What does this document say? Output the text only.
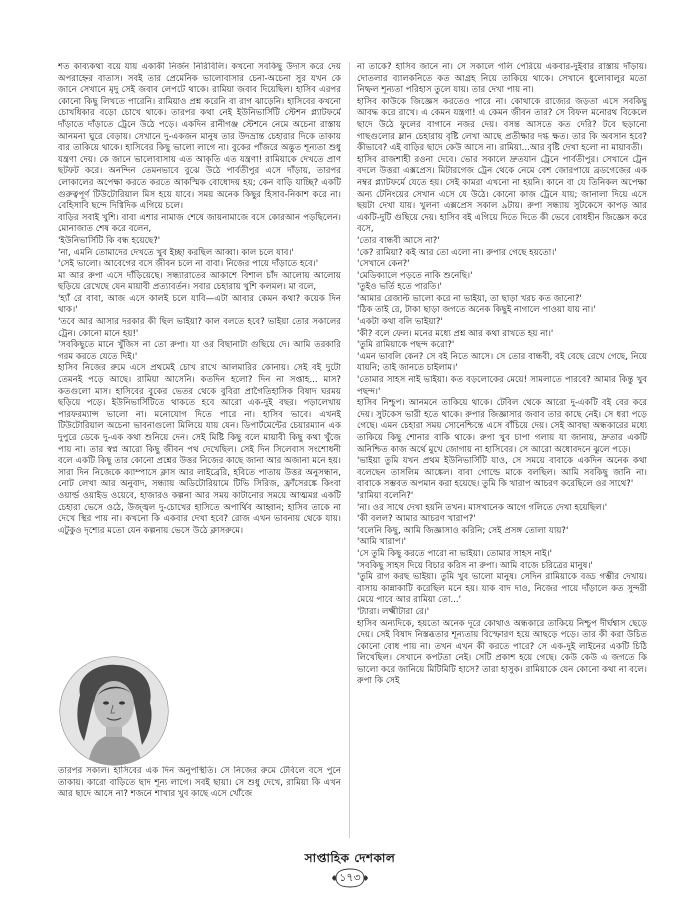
শত কাব্যকথা বয়ে যায় একাকী নির্জন নিরিবিলি। কখনো সবকিছু উদাস করে দেয় অপরাহ্নের বাতাস। সবই তার প্রেমেনিক ভালোবাসার চেনা-অচেনা সুর যখন কে জানে সেখানে মৃদু সেই জবাব লেপটে থাকে। রামিয়া জবাব দিয়েছিল। হাসিব এরপর কোনো কিছু লিখতে পারেনি। রামিয়াও প্রশ্ন করেনি বা রাগ ঝাড়েনি। হাসিবের কখনো চোখধিকার বড়ো চোখে থাকে। তারপর কথা নেই ইউনিভার্সিটি স্টেশন প্ল্যাটফর্মে দাঁড়াতে দাঁড়াতে ট্রেনে উঠে পড়ে। একদিন রানীগঞ্জ স্টেশনে নেমে অচেনা রাস্তায় আনমনা ঘুরে বেড়ায়। সেখানে দু-একজন মানুষ তার উদভ্রান্ত চেহারার দিকে তাকায় বার তাকিয়ে থাকে। হাসিবের কিছু ভালো লাগে না। বুকের পাঁজরে অদ্ভুত শূন্যতা শুধু যন্ত্রণা দেয়। কে জানে ভালোবাসায় এত আকৃতি এত যন্ত্রণা! রামিয়াকে দেখতে প্রাণ ছটফট করে। অনন্দিন তেমনভাবে বুঝে উঠে পার্বতীপুর এসে দাঁড়ায়, তারপর লোকালের অপেক্ষা করতে করতে আকস্মিক বোধোদয় হয়; কেন বাড়ি যাচ্ছি? একটি গুরুত্বপূর্ণ টিউটোরিয়াল মিস হয়ে যাবে। সময় অনেক কিছুর হিসাব-নিকাশ করে না। বেহিসাবি ছন্দে দিগ্বিদিক এগিয়ে চলে।

বাড়ির সবাই খুশি। বাবা এশার নামাজ শেষে জায়নামাজে বসে কোরআন পড়ছিলেন। মোনাজাত শেষ করে বলেন,

'ইউনিভার্সিটি কি বন্ধ হয়েছে?'

'না, এমনি তোমাদের দেখতে খুব ইচ্ছা করছিল আব্বা। কাল চলে যাব।'

'সেই ভালো। আবেগের বসে জীবন চলে না বাবা। নিজের পায়ে দাঁড়াতে হবে।'

মা আর রুপা এসে দাঁড়িয়েছে। সন্ধ্যারাতের আকাশে বিশাল চাঁদ আলোয় আলোয় ছড়িয়ে রেখেছে যেন মায়াবী প্রত্যাবর্তন। সবার চেহারায় খুশি কলমল। মা বলে,

'হ্যাঁ রে বাবা, আজ এসে কালই চলে যাবি—এটা আবার কেমন কথা? কয়েক দিন থাক।'

'তবে আর আসার দরকার কী ছিল ভাইয়া? কাল বলতে হবে? ভাইয়া তোর সকালের ট্রেন। কোনো মানে হয়!'

'সবকিছুতে মানে খুঁজিস না তো রুপা। যা ওর বিছানাটা গুছিয়ে দে। আমি তরকারি গরম করতে যেতে দিই।'

হাসিব নিজের রুমে এসে প্রথমেই চোখ রাখে আলমারির কোনায়। সেই বই দুটো তেমনই পড়ে আছে। রামিয়া আসেনি। কতদিন হলো? দিন না সপ্তাহ... মাস? কতগুলো মাস। হাসিবের বুকের ভেতর থেকে বুবিরা প্রাগৈতিহাসিক বিষাদ ঘরময় ছড়িয়ে পড়ে। ইউনিভার্সিটিতে থাকতে হবে আরো এক-দুই বছর। পড়ালেখায় পারফরম্যান্স ভালো না। মনোযোগ দিতে পারে না। হাসিব ভাবে। এখনই টিউটোরিয়াল অচেনা ভাবনাগুলো মিলিয়ে যায় যেন। ডিপার্টমেন্টের চেয়ারম্যান এক দুপুরে ডেকে দু-এক কথা শুনিয়ে দেন। সেই মিষ্টি কিছু বলে মায়াবী কিছু কথা খুঁজে পায় না। তার স্বপ্ন আরো কিছু জীবন পথ দেখেছিল। সেই দিন সিলেবাস সংশোধনী বলে একটি কিছু তার কোনো প্রশ্নের উত্তর নিজের কাছে জানা আর অজানা মনে হয়। সারা দিন নিজেকে ক্যাম্পাসে ক্লাস আর লাইব্রেরি, হবিতে পাতায় উত্তর অনুসন্ধান, নোট লেখা আর অনুবাদ, সন্ধ্যায় অডিটোরিয়ামে টিভি সিরিজ, ফ্রাঁসেরঙ্কে কিংবা ওয়ার্ল্ড ওয়াইড ওয়েবে, হাজারও কল্পনা আর সময় কাটানোর সময়ে আত্মমগ্ন একটি চেহারা ভেসে ওঠে, উজ্জ্বল দু-চোখের হাসিতে অপার্থিব আহ্বান; হাসিব তাকে না দেখে স্থির পায় না। কখনো কি একবার দেখা হবে? রোজ এখন ভাবনায় থেকে যায়। এটুকুও দৃশ্যের মতো যেন কল্পনায় ভেসে উঠে ক্লাসরুমে।

তারপর সকাল। হাসিবের এক দিন অনুপস্থিতি। সে নিজের রুমে টেবিলে বসে পুনে তাকায়। কারো বাড়িতে ছাদ শূন্য লাগে। সবই ছায়া। সে শুধু দেখে, রামিয়া কি এখন আর ছাদে আসে না? শজনে শাখার খুব কাছে এসে খোঁজে

না তাকে? হাসিব জানে না। সে সকালে গলি পেরিয়ে একবার-দুইবার রাস্তায় দাঁড়ায়। দোতলার ব্যালকনিতে কত আগ্রহ নিয়ে তাকিয়ে থাকে। সেখানে ধুলোবালুর মতো নিষ্ফল শূন্যতা পরিহাস তুলে যায়। তার দেখা পায় না।

হাসিব কাউকে জিজ্ঞেস করতেও পারে না। কোথাকে রাজ্যের জড়তা এসে সবকিছু আবদ্ধ করে রাখে। এ কেমন যন্ত্রণা! এ কেমন জীবন তার? সে বিফল মনোরথ বিকেলে ছাদে উঠে ফুলের বাগানে নজর দেয়। বসন্ত আসতে কত দেরি? টবে ছড়ানো গাছগুলোর ম্লান চেহারায় বৃষ্টি লেখা আছে প্রতীক্ষার দগ্ধ ক্ষত। তার কি অবসান হবে? কীভাবে? এই বাড়ির ছাদে কেউ আসে না। রামিয়া...আর বৃষ্টি দেখা হলো না মায়াবতী।

হাসিব রাজশাহী রওনা দেবে। ভোর সকালে দ্রুতযান ট্রেনে পার্বতীপুর। সেখানে ট্রেন বদলে উত্তরা এক্সপ্রেস। মিটারগেজ ট্রেন থেকে নেমে বেশ জোরপায়ে ব্রডগেজের এক নম্বর প্ল্যাটফর্মে যেতে হয়। সেই কামরা এখনো না হয়নি। কানে বা যে তিনিকল অপেক্ষা অন্য টেনিংয়ের সেখান এসে যে উঠে। কোনো কাজ ট্রেনে যায়; জানালা দিয়ে এসে ছয়টা দেখা যায়। খুলনা এক্সপ্রেস সকাল ৯টায়। রুপা সন্ধ্যায় সুটকেসে কাপড় আর একটি-দুটি গুছিয়ে দেয়। হাসিব বই এগিয়ে দিতে দিতে কী ভেবে বোধহীন জিজ্ঞেস করে বসে,

'তোর বান্ধবী আসে না?'

'কে? রামিয়া? কই আর তো এলো না। রুপার গেছে হয়তো।'

'সেখানে কেন?'

'মেডিক্যালে পড়তে নাকি শুনেছি।'

'তুইও ভর্তি হতে পারতি।'

'আমার রেজাল্ট ভালো করে না ভাইয়া, তা ছাড়া খরচ কত জানো?'

'ঠিক তাই রে, টাকা ছাড়া জগতে অনেক কিছুই নাগালে পাওয়া যায় না।'

'একটা কথা বলি ভাইয়া?'

'কী? বলে ফেল। মনের মধ্যে প্রশ্ন আর কথা রাখতে হয় না।'

'তুমি রামিয়াকে পছন্দ করো?'

'এমন ভাবলি কেন? সে বই নিতে আসে। সে তোর বান্ধবী, বই বেছে রেখে গেছে, নিয়ে যায়নি; তাই জানতে চাইলাম।'

'তোমার সাহস নাই ভাইয়া। কত বড়লোকের মেয়ে! সামলাতে পারবে? আমার কিন্তু খুব পছন্দ।'

হাসিব নিশ্চুপ। আনমনে তাকিয়ে থাকে। টেবিল থেকে আরো দু-একটি বই বের করে দেয়। সুটকেস ভারী হতে থাকে। রুপার জিজ্ঞাসার জবাব তার কাছে নেই। সে ধরা পড়ে গেছে। এমন চেহারা সময় সোনেশ্চিন্তে এসে বাঁচিয়ে দেয়। সেই আবছা অন্ধকারের মধ্যে তাকিয়ে কিছু শোনার বাকি থাকে। রুপা খুব চাপা গলায় যা জানায়, দ্রুতার একটি অনিশ্চিত কাজ অর্থে মুখে জোগায় না হাসিবের। সে আরো অধোবদনে ঝুলে পড়ে।

'ভাইয়া তুমি যখন প্রথম ইউনিভার্সিটি যাও, সে সময়ে বাবাকে একদিন অনেক কথা বলেছেন তাসলিম আঙ্কেল। বাবা গোল্ডে মাকে বলছিল। আমি সবকিছু জানি না। বাবাকে সম্ভবত অপমান করা হয়েছে। তুমি কি খারাপ আচরণ করেছিলে ওর সাথে?'

'রামিয়া বলেনি?'

'না। ওর সাথে দেখা হয়নি তখন। মাসখানেক আগে গলিতে দেখা হয়েছিল।'

'কী বলল? আমার আচরণ খারাপ?'

'বলেনি কিছু, আমি জিজ্ঞাসাও করিনি; সেই প্রসঙ্গ তোলা যায়?'

'আমি খারাপ।'

'সে তুমি কিছু করতে পারো না ভাইয়া। তোমার সাহস নাই।'

'সবকিছু সাহস দিয়ে বিচার করিস না রুপা। আমি বাজে চরিত্রের মানুষ।'

'তুমি রাগ করছ ভাইয়া। তুমি খুব ভালো মানুষ। সেদিন রামিয়াকে বড্ড গম্ভীর দেখায়। বাসায় কান্নাকাটি করেছিল মনে হয়। যাক বাদ দাও, নিজের পায়ে দাঁড়ালে কত সুন্দরী মেয়ে পাবে আর রামিয়া তো...'

'ট্যারা। লক্ষ্মীটারা রে।'

হাসিব অন্যদিকে, হয়তো অনেক দূরে কোথাও অন্ধকারে তাকিয়ে নিশ্চুপ দীর্ঘশ্বাস ছেড়ে দেয়। সেই বিষাদ নিস্তব্ধতার শূন্যতায় বিস্ফোরণ হয়ে আছড়ে পড়ে। তার কী করা উচিত কোনো বোধ পায় না। তখন এখন কী করতে পারে? সে এক-দুই লাইনের একটি চিঠি লিখেছিল। সেখানে কপটতা নেই। সেটি প্রকাশ হয়ে গেছে। কেউ কেউ এ জগতে কি ভালো করে জানিয়ে মিটিমিটি হাসে? তারা হাসুক। রামিয়াকে যেন কোনো কথা না বলে। রুপা কি সেই

সাপ্তাহিক দেশকাল
১৭৩
